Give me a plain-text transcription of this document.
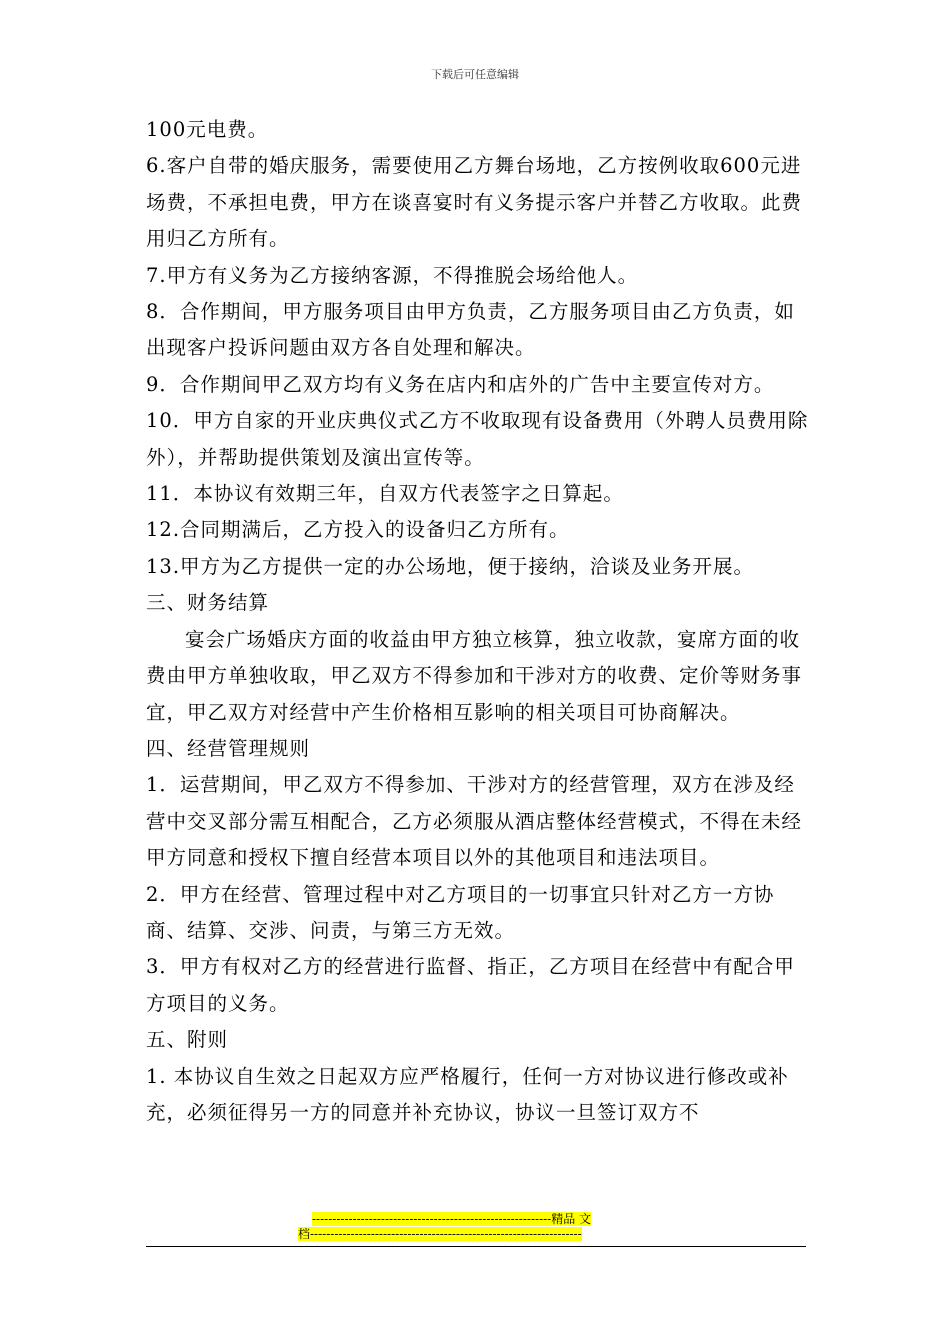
下载后可任意编辑

100元电费。

6.客户自带的婚庆服务，需要使用乙方舞台场地，乙方按例收取600元进场费，不承担电费，甲方在谈喜宴时有义务提示客户并替乙方收取。此费用归乙方所有。

7.甲方有义务为乙方接纳客源，不得推脱会场给他人。

8．合作期间，甲方服务项目由甲方负责，乙方服务项目由乙方负责，如出现客户投诉问题由双方各自处理和解决。

9．合作期间甲乙双方均有义务在店内和店外的广告中主要宣传对方。

10．甲方自家的开业庆典仪式乙方不收取现有设备费用（外聘人员费用除外），并帮助提供策划及演出宣传等。

11．本协议有效期三年，自双方代表签字之日算起。

12.合同期满后，乙方投入的设备归乙方所有。

13.甲方为乙方提供一定的办公场地，便于接纳，洽谈及业务开展。

三、财务结算

宴会广场婚庆方面的收益由甲方独立核算，独立收款，宴席方面的收费由甲方单独收取，甲乙双方不得参加和干涉对方的收费、定价等财务事宜，甲乙双方对经营中产生价格相互影响的相关项目可协商解决。

四、经营管理规则

1．运营期间，甲乙双方不得参加、干涉对方的经营管理，双方在涉及经营中交叉部分需互相配合，乙方必须服从酒店整体经营模式，不得在未经甲方同意和授权下擅自经营本项目以外的其他项目和违法项目。

2．甲方在经营、管理过程中对乙方项目的一切事宜只针对乙方一方协商、结算、交涉、问责，与第三方无效。

3．甲方有权对乙方的经营进行监督、指正，乙方项目在经营中有配合甲方项目的义务。

五、附则

1. 本协议自生效之日起双方应严格履行，任何一方对协议进行修改或补充，必须征得另一方的同意并补充协议，协议一旦签订双方不

-----------------------------------------------------------精品 文
档-------------------------------------------------------------------
